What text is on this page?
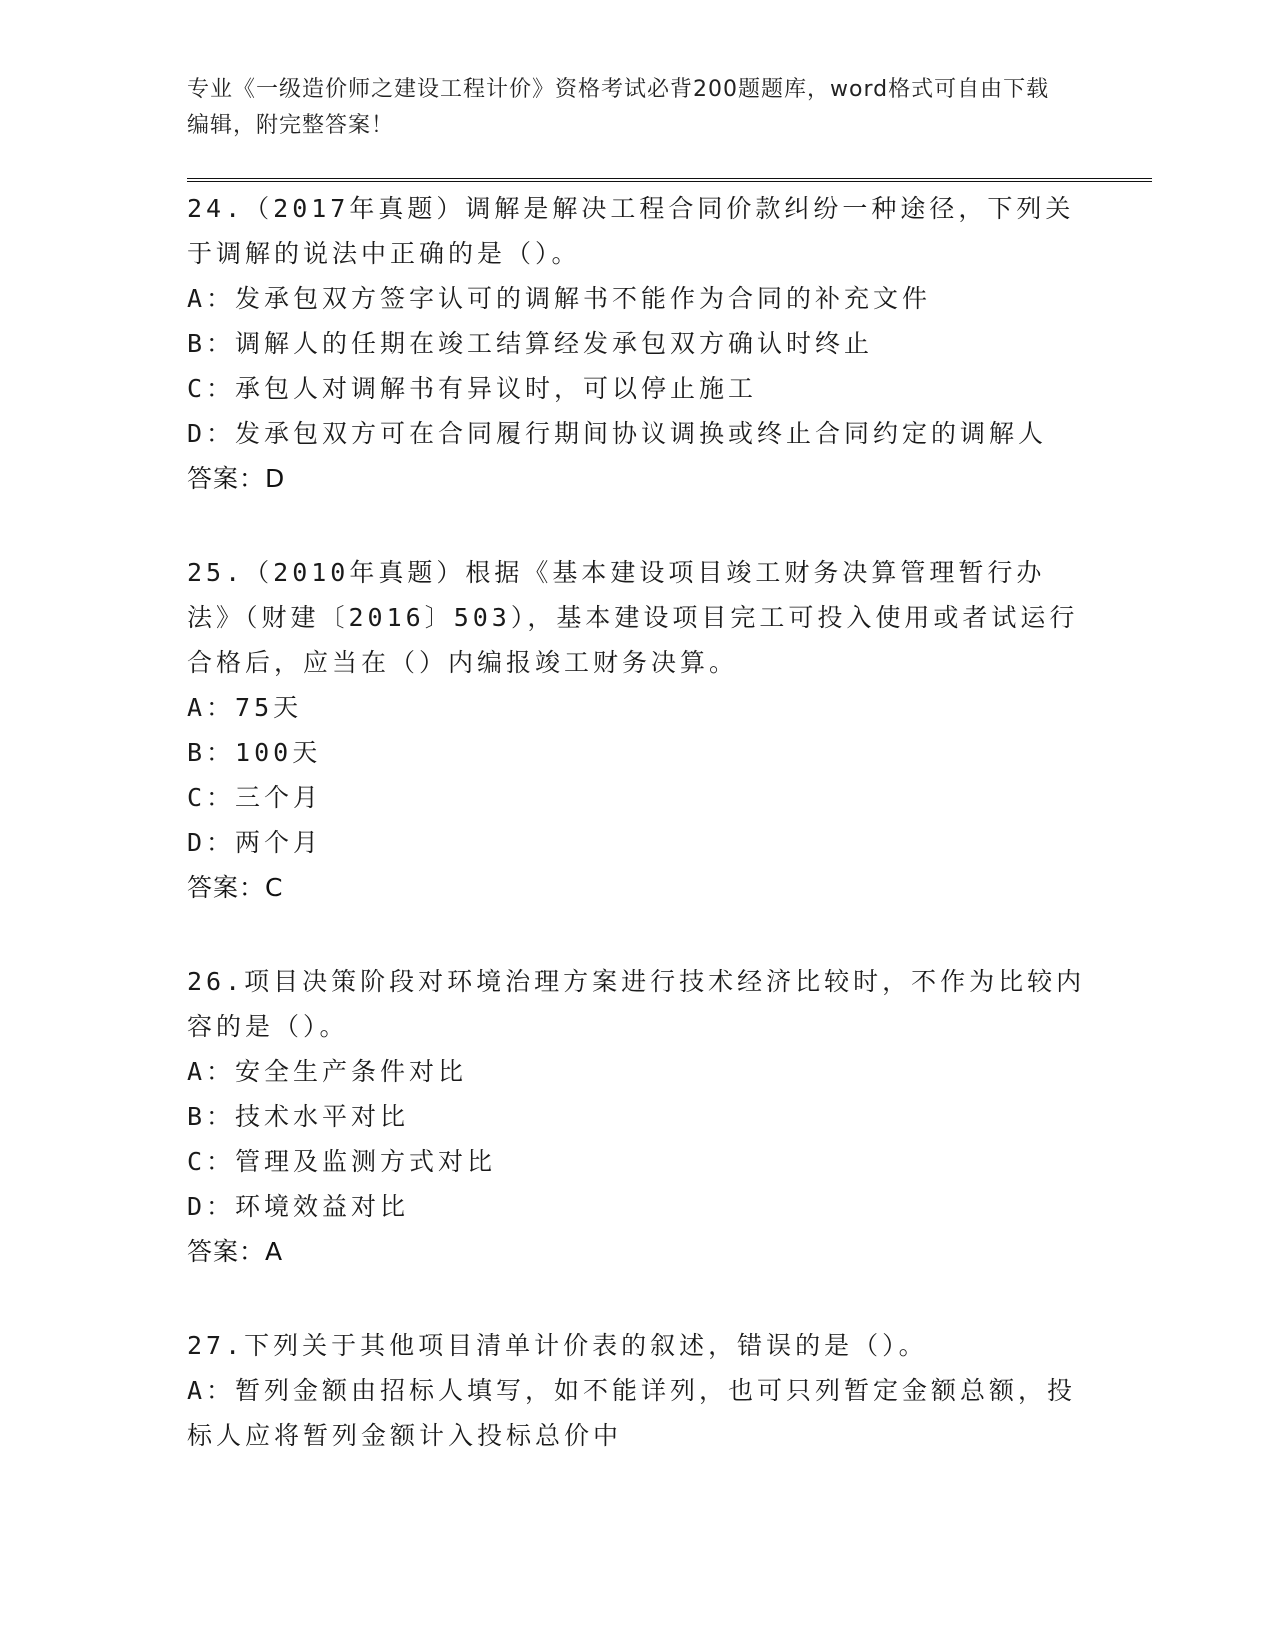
专业《一级造价师之建设工程计价》资格考试必背200题题库，word格式可自由下载编辑，附完整答案！

24.（2017年真题）调解是解决工程合同价款纠纷一种途径，下列关于调解的说法中正确的是（）。

A：发承包双方签字认可的调解书不能作为合同的补充文件

B：调解人的任期在竣工结算经发承包双方确认时终止

C：承包人对调解书有异议时，可以停止施工

D：发承包双方可在合同履行期间协议调换或终止合同约定的调解人

答案：D

25.（2010年真题）根据《基本建设项目竣工财务决算管理暂行办法》（财建〔2016〕503），基本建设项目完工可投入使用或者试运行合格后，应当在（）内编报竣工财务决算。

A：75天

B：100天

C：三个月

D：两个月

答案：C

26.项目决策阶段对环境治理方案进行技术经济比较时，不作为比较内容的是（）。

A：安全生产条件对比

B：技术水平对比

C：管理及监测方式对比

D：环境效益对比

答案：A

27.下列关于其他项目清单计价表的叙述，错误的是（）。

A：暂列金额由招标人填写，如不能详列，也可只列暂定金额总额，投

标人应将暂列金额计入投标总价中
